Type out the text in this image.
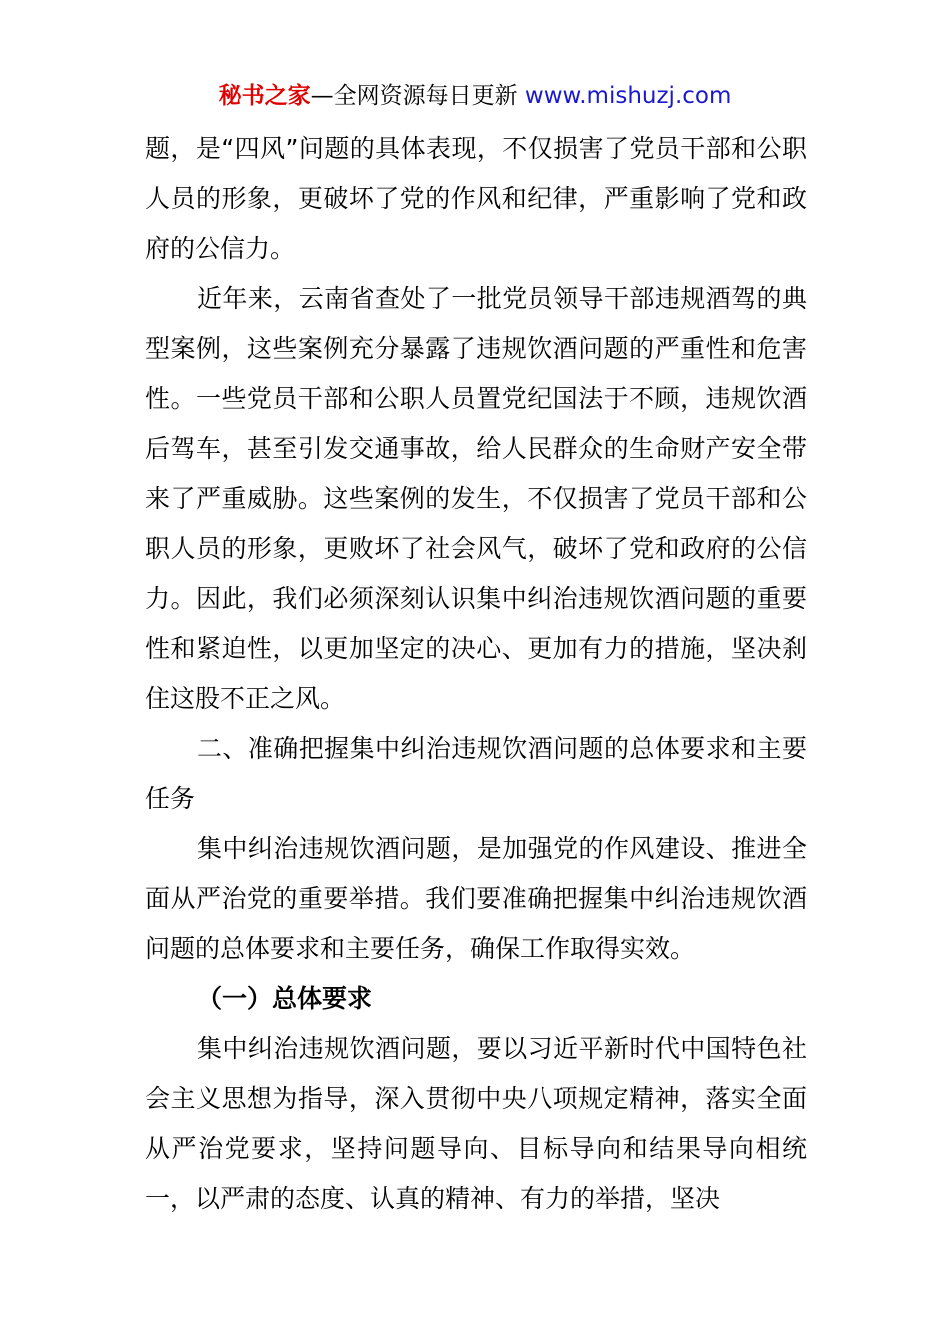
秘书之家—全网资源每日更新 www.mishuzj.com

题，是“四风”问题的具体表现，不仅损害了党员干部和公职人员的形象，更破坏了党的作风和纪律，严重影响了党和政府的公信力。

近年来，云南省查处了一批党员领导干部违规酒驾的典型案例，这些案例充分暴露了违规饮酒问题的严重性和危害性。一些党员干部和公职人员置党纪国法于不顾，违规饮酒后驾车，甚至引发交通事故，给人民群众的生命财产安全带来了严重威胁。这些案例的发生，不仅损害了党员干部和公职人员的形象，更败坏了社会风气，破坏了党和政府的公信力。因此，我们必须深刻认识集中纠治违规饮酒问题的重要性和紧迫性，以更加坚定的决心、更加有力的措施，坚决刹住这股不正之风。

二、准确把握集中纠治违规饮酒问题的总体要求和主要任务

集中纠治违规饮酒问题，是加强党的作风建设、推进全面从严治党的重要举措。我们要准确把握集中纠治违规饮酒问题的总体要求和主要任务，确保工作取得实效。

（一）总体要求

集中纠治违规饮酒问题，要以习近平新时代中国特色社会主义思想为指导，深入贯彻中央八项规定精神，落实全面从严治党要求，坚持问题导向、目标导向和结果导向相统一，以严肃的态度、认真的精神、有力的举措，坚决
